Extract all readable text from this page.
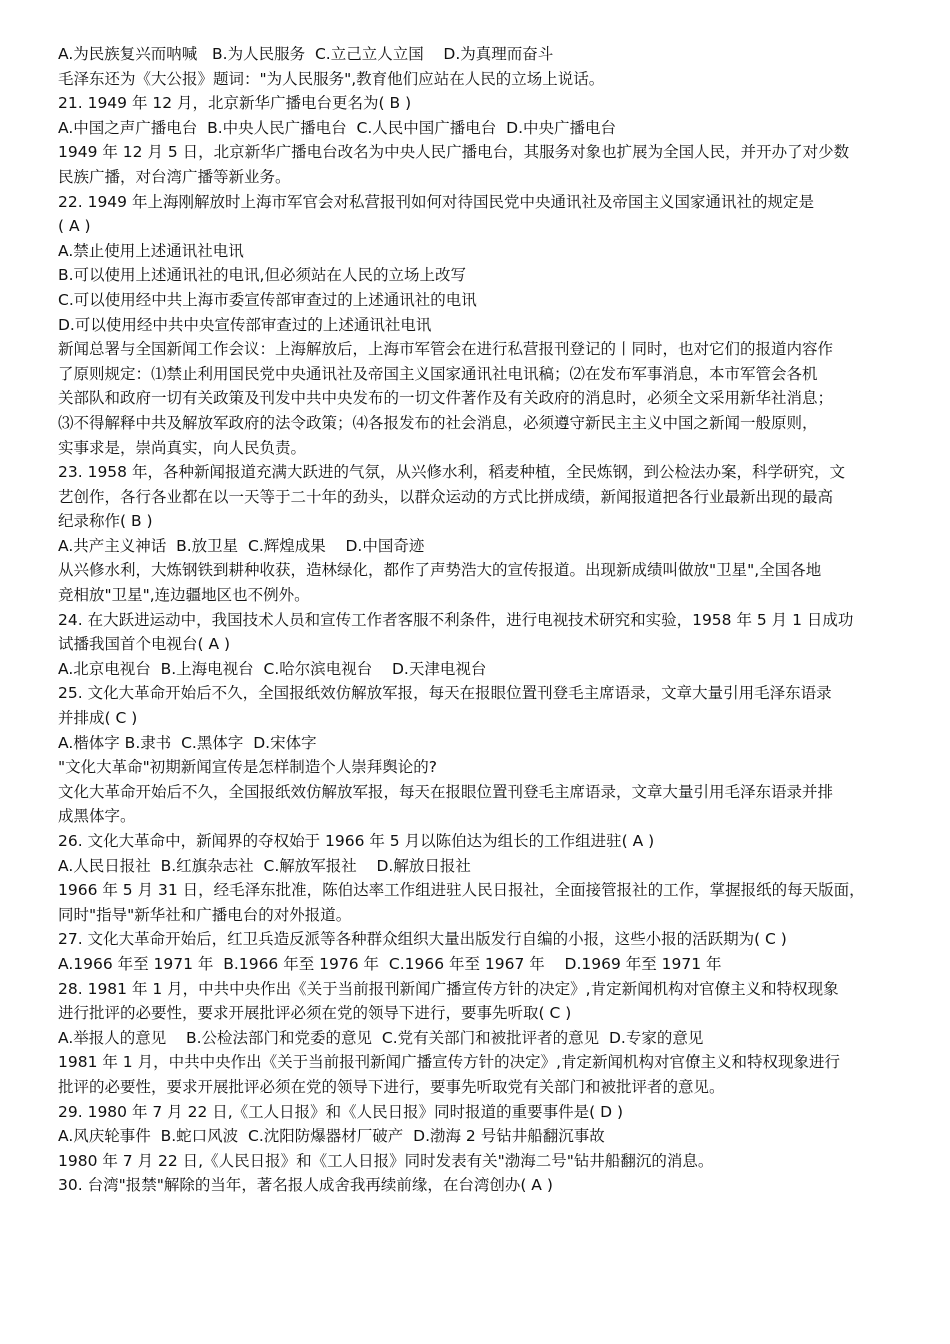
A.为民族复兴而呐喊   B.为人民服务  C.立己立人立国    D.为真理而奋斗
毛泽东还为《大公报》题词："为人民服务",教育他们应站在人民的立场上说话。
21. 1949 年 12 月，北京新华广播电台更名为( B )
A.中国之声广播电台  B.中央人民广播电台  C.人民中国广播电台  D.中央广播电台
1949 年 12 月 5 日，北京新华广播电台改名为中央人民广播电台，其服务对象也扩展为全国人民，并开办了对少数
民族广播，对台湾广播等新业务。
22. 1949 年上海刚解放时上海市军官会对私营报刊如何对待国民党中央通讯社及帝国主义国家通讯社的规定是
( A )
A.禁止使用上述通讯社电讯
B.可以使用上述通讯社的电讯,但必须站在人民的立场上改写
C.可以使用经中共上海市委宣传部审查过的上述通讯社的电讯
D.可以使用经中共中央宣传部审查过的上述通讯社电讯
新闻总署与全国新闻工作会议：上海解放后，上海市军管会在进行私营报刊登记的丨同时，也对它们的报道内容作
了原则规定：⑴禁止利用国民党中央通讯社及帝国主义国家通讯社电讯稿；⑵在发布军事消息，本市军管会各机
关部队和政府一切有关政策及刊发中共中央发布的一切文件著作及有关政府的消息时，必须全文采用新华社消息；
⑶不得解释中共及解放军政府的法令政策；⑷各报发布的社会消息，必须遵守新民主主义中国之新闻一般原则，
实事求是，崇尚真实，向人民负责。
23. 1958 年，各种新闻报道充满大跃进的气氛，从兴修水利，稻麦种植，全民炼钢，到公检法办案，科学研究，文
艺创作，各行各业都在以一天等于二十年的劲头，以群众运动的方式比拼成绩，新闻报道把各行业最新出现的最高
纪录称作( B )
A.共产主义神话  B.放卫星  C.辉煌成果    D.中国奇迹
从兴修水利，大炼钢铁到耕种收获，造林绿化，都作了声势浩大的宣传报道。出现新成绩叫做放"卫星",全国各地
竞相放"卫星",连边疆地区也不例外。
24. 在大跃进运动中，我国技术人员和宣传工作者客服不利条件，进行电视技术研究和实验，1958 年 5 月 1 日成功
试播我国首个电视台( A )
A.北京电视台  B.上海电视台  C.哈尔滨电视台    D.天津电视台
25. 文化大革命开始后不久，全国报纸效仿解放军报，每天在报眼位置刊登毛主席语录，文章大量引用毛泽东语录
并排成( C )
A.楷体字 B.隶书  C.黑体字  D.宋体字
"文化大革命"初期新闻宣传是怎样制造个人崇拜舆论的?
文化大革命开始后不久，全国报纸效仿解放军报，每天在报眼位置刊登毛主席语录，文章大量引用毛泽东语录并排
成黑体字。
26. 文化大革命中，新闻界的夺权始于 1966 年 5 月以陈伯达为组长的工作组进驻( A )
A.人民日报社  B.红旗杂志社  C.解放军报社    D.解放日报社
1966 年 5 月 31 日，经毛泽东批准，陈伯达率工作组进驻人民日报社，全面接管报社的工作，掌握报纸的每天版面，
同时"指导"新华社和广播电台的对外报道。
27. 文化大革命开始后，红卫兵造反派等各种群众组织大量出版发行自编的小报，这些小报的活跃期为( C )
A.1966 年至 1971 年  B.1966 年至 1976 年  C.1966 年至 1967 年    D.1969 年至 1971 年
28. 1981 年 1 月，中共中央作出《关于当前报刊新闻广播宣传方针的决定》,肯定新闻机构对官僚主义和特权现象
进行批评的必要性，要求开展批评必须在党的领导下进行，要事先听取( C )
A.举报人的意见    B.公检法部门和党委的意见  C.党有关部门和被批评者的意见  D.专家的意见
1981 年 1 月，中共中央作出《关于当前报刊新闻广播宣传方针的决定》,肯定新闻机构对官僚主义和特权现象进行
批评的必要性，要求开展批评必须在党的领导下进行，要事先听取党有关部门和被批评者的意见。
29. 1980 年 7 月 22 日,《工人日报》和《人民日报》同时报道的重要事件是( D )
A.风庆轮事件  B.蛇口风波  C.沈阳防爆器材厂破产  D.渤海 2 号钻井船翻沉事故
1980 年 7 月 22 日,《人民日报》和《工人日报》同时发表有关"渤海二号"钻井船翻沉的消息。
30. 台湾"报禁"解除的当年，著名报人成舍我再续前缘，在台湾创办( A )
